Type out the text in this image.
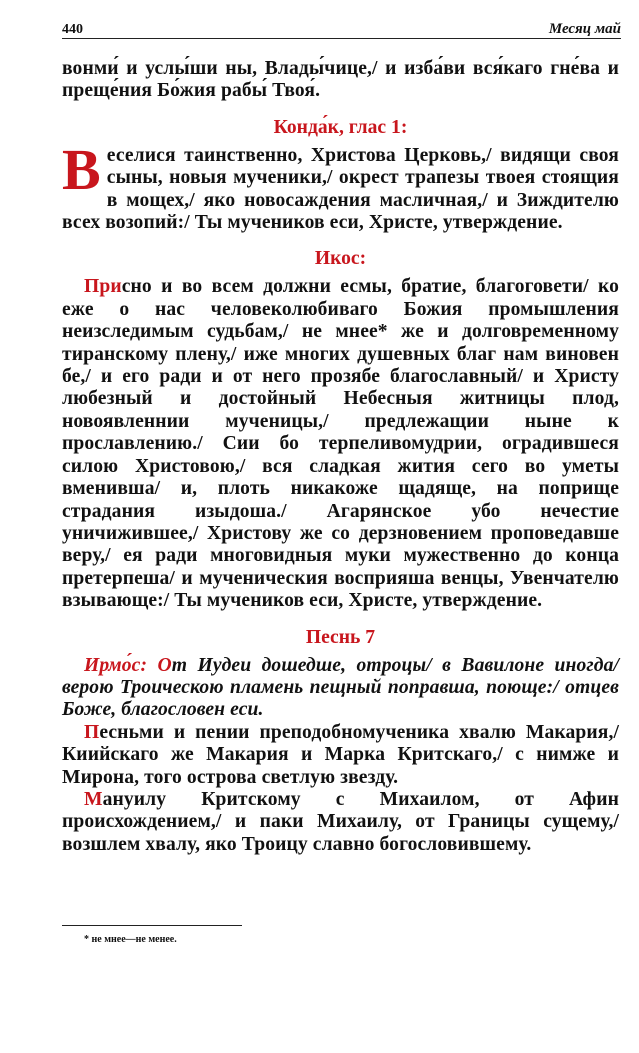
440	Месяц май

вонми́ и услы́ши ны, Влады́чице,/ и изба́ви вся́каго гне́ва и преще́ния Бо́жия рабы́ Твоя́.

Конда́к, глас 1:

Веселися таинственно, Христова Церковь,/ видящи своя сыны, новыя мученики,/ окрест трапезы твоея стоящия в мощех,/ яко новосаждения масличная,/ и Зиждителю всех возопий:/ Ты мучеников еси, Христе, утверждение.

Икос:

Присно и во всем должни есмы, братие, благоговети/ ко еже о нас человеколюбиваго Божия промышления неизследимым судьбам,/ не мнее* же и долговременному тиранскому плену,/ иже многих душевных благ нам виновен бе,/ и его ради и от него прозябе благославный/ и Христу любезный и достойный Небесныя житницы плод, новоявленнии мученицы,/ предлежащии ныне к прославлению./ Сии бо терпеливомудрии, оградившеся силою Христовою,/ вся сладкая жития сего во уметы вменивша/ и, плоть никакоже щадяще, на поприще страдания изыдоша./ Агарянское убо нечестие уничижившее,/ Христову же со дерзновением проповедавше веру,/ ея ради многовидныя муки мужественно до конца претерпеша/ и мученическия восприяша венцы, Увенчателю взывающе:/ Ты мучеников еси, Христе, утверждение.

Песнь 7

Ирмо́с: От Иудеи дошедше, отроцы/ в Вавилоне иногда/ верою Троическою пламень пещный поправша, поюще:/ отцев Боже, благословен еси.

Песньми и пении преподобномученика хвалю Макария,/ Киийскаго же Макария и Марка Критскаго,/ с нимже и Мирона, того острова светлую звезду.

Мануилу Критскому с Михаилом, от Афин происхождением,/ и паки Михаилу, от Границы сущему,/ возшлем хвалу, яко Троицу славно богословившему.

* не мнее—не менее.
